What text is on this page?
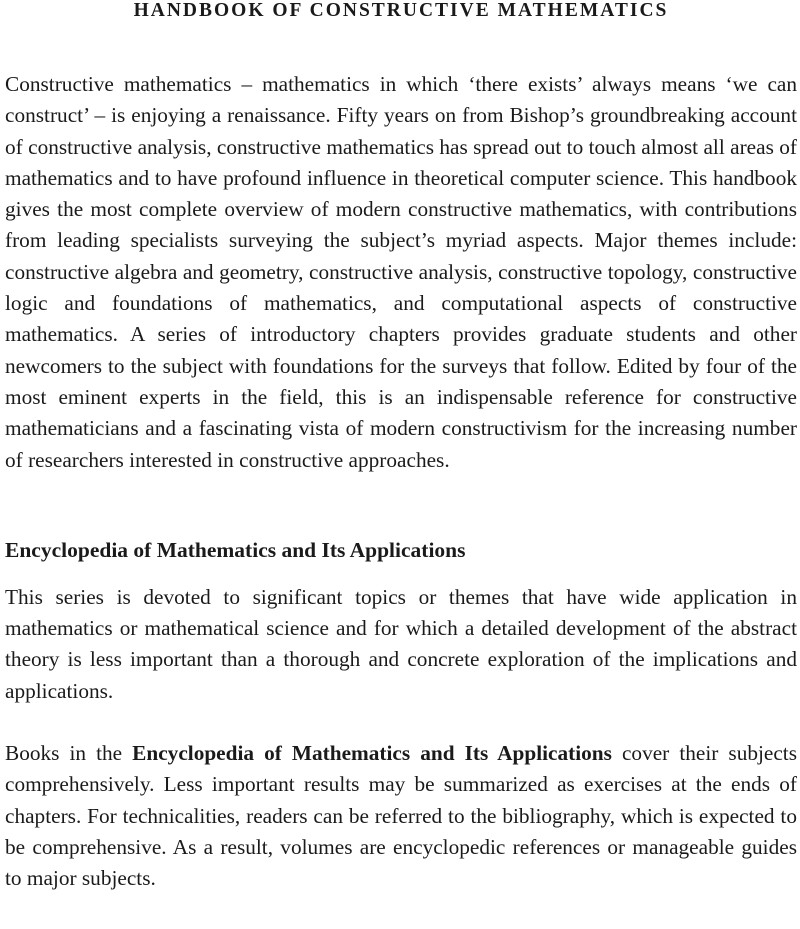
HANDBOOK OF CONSTRUCTIVE MATHEMATICS

Constructive mathematics – mathematics in which ‘there exists’ always means ‘we can construct’ – is enjoying a renaissance. Fifty years on from Bishop’s groundbreaking account of constructive analysis, constructive mathematics has spread out to touch almost all areas of mathematics and to have profound influence in theoretical computer science. This handbook gives the most complete overview of modern constructive mathematics, with contributions from leading specialists surveying the subject’s myriad aspects. Major themes include: constructive algebra and geometry, constructive analysis, constructive topology, constructive logic and foundations of mathematics, and computational aspects of constructive mathematics. A series of introductory chapters provides graduate students and other newcomers to the subject with foundations for the surveys that follow. Edited by four of the most eminent experts in the field, this is an indispensable reference for constructive mathematicians and a fascinating vista of modern constructivism for the increasing number of researchers interested in constructive approaches.

Encyclopedia of Mathematics and Its Applications

This series is devoted to significant topics or themes that have wide application in mathematics or mathematical science and for which a detailed development of the abstract theory is less important than a thorough and concrete exploration of the implications and applications.

Books in the Encyclopedia of Mathematics and Its Applications cover their subjects comprehensively. Less important results may be summarized as exercises at the ends of chapters. For technicalities, readers can be referred to the bibliography, which is expected to be comprehensive. As a result, volumes are encyclopedic references or manageable guides to major subjects.
